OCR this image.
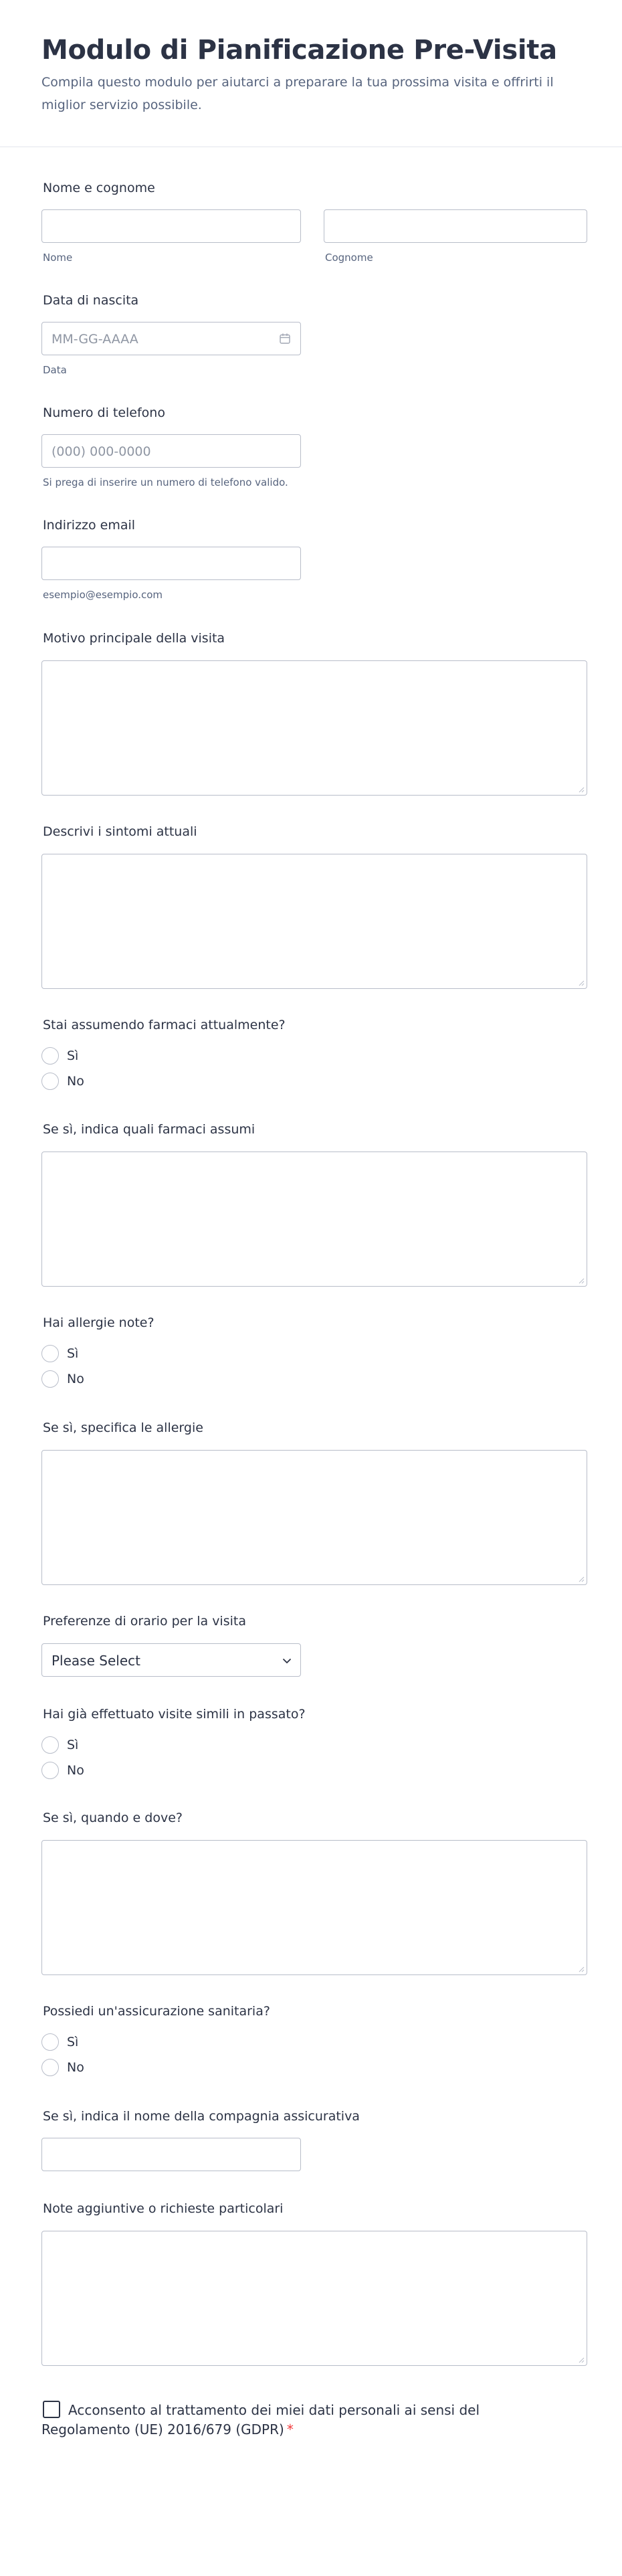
Modulo di Pianificazione Pre-Visita
Compila questo modulo per aiutarci a preparare la tua prossima visita e offrirti il miglior servizio possibile.
Nome e cognome
Nome	Cognome
Data di nascita
MM-GG-AAAA
Data
Numero di telefono
(000) 000-0000
Si prega di inserire un numero di telefono valido.
Indirizzo email
esempio@esempio.com
Motivo principale della visita
Descrivi i sintomi attuali
Stai assumendo farmaci attualmente?
Sì
No
Se sì, indica quali farmaci assumi
Hai allergie note?
Sì
No
Se sì, specifica le allergie
Preferenze di orario per la visita
Please Select
Hai già effettuato visite simili in passato?
Sì
No
Se sì, quando e dove?
Possiedi un'assicurazione sanitaria?
Sì
No
Se sì, indica il nome della compagnia assicurativa
Note aggiuntive o richieste particolari
Acconsento al trattamento dei miei dati personali ai sensi del Regolamento (UE) 2016/679 (GDPR) *
